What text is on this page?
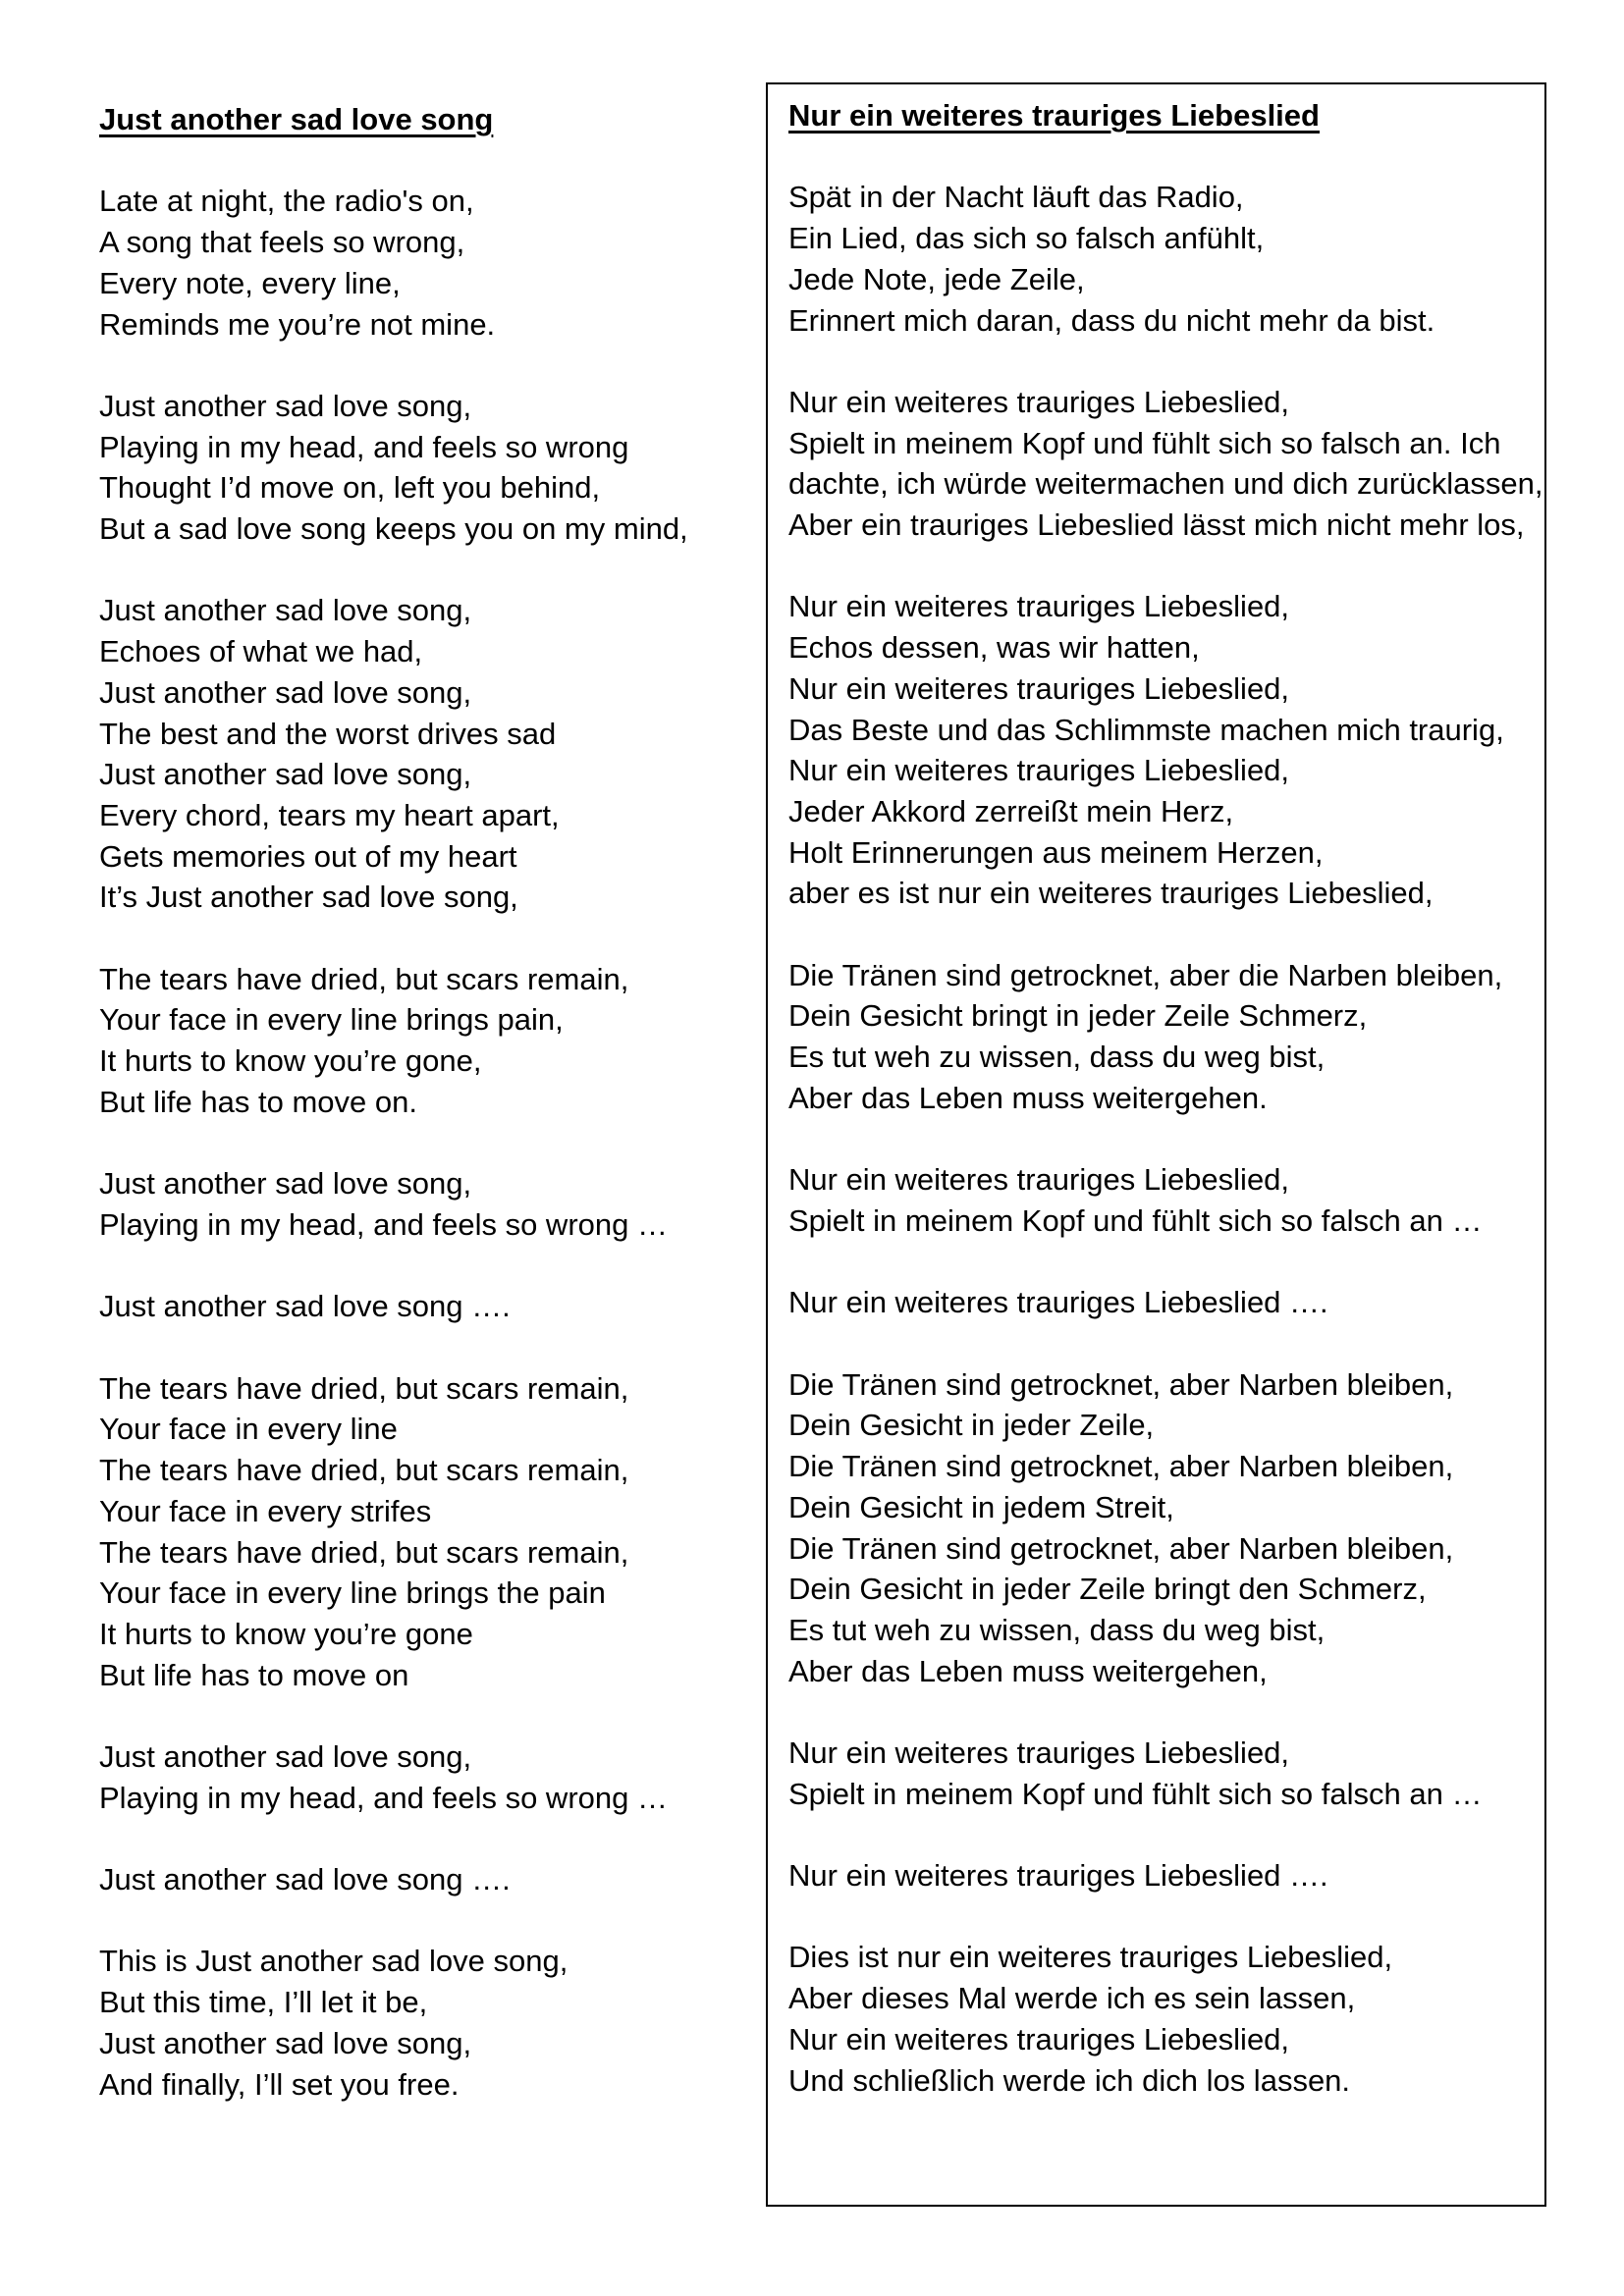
Just another sad love song

Late at night, the radio's on,
A song that feels so wrong,
Every note, every line,
Reminds me you’re not mine.

Just another sad love song,
Playing in my head, and feels so wrong
Thought I’d move on, left you behind,
But a sad love song keeps you on my mind,

Just another sad love song,
Echoes of what we had,
Just another sad love song,
The best and the worst drives sad
Just another sad love song,
Every chord, tears my heart apart,
Gets memories out of my heart
It’s Just another sad love song,

The tears have dried, but scars remain,
Your face in every line brings pain,
It hurts to know you’re gone,
But life has to move on.

Just another sad love song,
Playing in my head, and feels so wrong …

Just another sad love song ….

The tears have dried, but scars remain,
Your face in every line
The tears have dried, but scars remain,
Your face in every strifes
The tears have dried, but scars remain,
Your face in every line brings the pain
It hurts to know you’re gone
But life has to move on

Just another sad love song,
Playing in my head, and feels so wrong …

Just another sad love song ….

This is Just another sad love song,
But this time, I’ll let it be,
Just another sad love song,
And finally, I’ll set you free.

Nur ein weiteres trauriges Liebeslied

Spät in der Nacht läuft das Radio,
Ein Lied, das sich so falsch anfühlt,
Jede Note, jede Zeile,
Erinnert mich daran, dass du nicht mehr da bist.

Nur ein weiteres trauriges Liebeslied,
Spielt in meinem Kopf und fühlt sich so falsch an. Ich
dachte, ich würde weitermachen und dich zurücklassen,
Aber ein trauriges Liebeslied lässt mich nicht mehr los,

Nur ein weiteres trauriges Liebeslied,
Echos dessen, was wir hatten,
Nur ein weiteres trauriges Liebeslied,
Das Beste und das Schlimmste machen mich traurig,
Nur ein weiteres trauriges Liebeslied,
Jeder Akkord zerreißt mein Herz,
Holt Erinnerungen aus meinem Herzen,
aber es ist nur ein weiteres trauriges Liebeslied,

Die Tränen sind getrocknet, aber die Narben bleiben,
Dein Gesicht bringt in jeder Zeile Schmerz,
Es tut weh zu wissen, dass du weg bist,
Aber das Leben muss weitergehen.

Nur ein weiteres trauriges Liebeslied,
Spielt in meinem Kopf und fühlt sich so falsch an …

Nur ein weiteres trauriges Liebeslied ….

Die Tränen sind getrocknet, aber Narben bleiben,
Dein Gesicht in jeder Zeile,
Die Tränen sind getrocknet, aber Narben bleiben,
Dein Gesicht in jedem Streit,
Die Tränen sind getrocknet, aber Narben bleiben,
Dein Gesicht in jeder Zeile bringt den Schmerz,
Es tut weh zu wissen, dass du weg bist,
Aber das Leben muss weitergehen,

Nur ein weiteres trauriges Liebeslied,
Spielt in meinem Kopf und fühlt sich so falsch an …

Nur ein weiteres trauriges Liebeslied ….

Dies ist nur ein weiteres trauriges Liebeslied,
Aber dieses Mal werde ich es sein lassen,
Nur ein weiteres trauriges Liebeslied,
Und schließlich werde ich dich los lassen.
